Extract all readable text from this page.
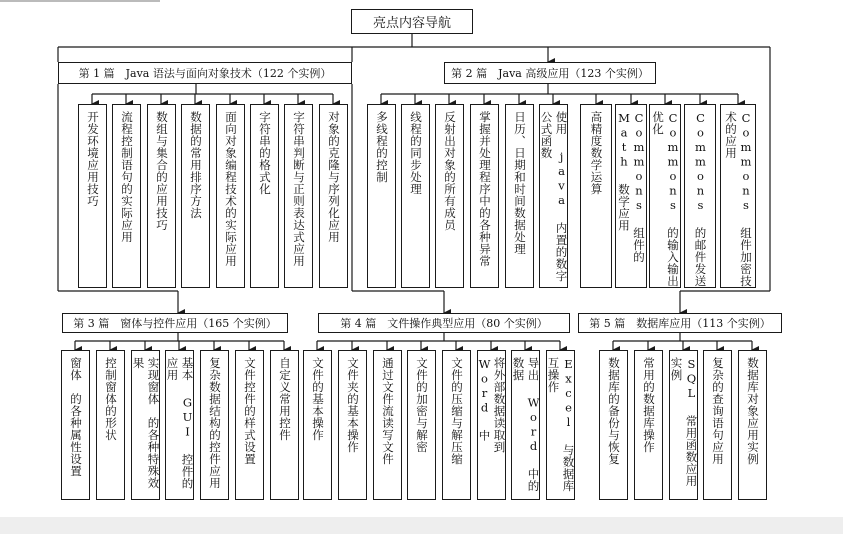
亮点内容导航
第 1 篇　Java 语法与面向对象技术（122 个实例）	第 2 篇　Java 高级应用（123 个实例）
第 3 篇　窗体与控件应用（165 个实例）	第 4 篇　文件操作典型应用（80 个实例）	第 5 篇　数据库应用（113 个实例）
开发环境应用技巧 流程控制语句的实际应用 数组与集合的应用技巧 数据的常用排序方法 面向对象编程技术的实际应用 字符串的格式化 字符串判断与正则表达式应用 对象的克隆与序列化应用	多线程的控制 线程的同步处理 反射出对象的所有成员 掌握并处理程序中的各种异常 日历、日期和时间数据处理	使用 java 内置的数字公式函数	高精度数学运算	Commons 组件的 Math 数学应用	Commons 的输入输出优化	Commons 的邮件发送	Commons 组件加密技术的应用
窗体　的各种属性设置 控制窗体的形状	实现窗体　的各种特殊效果	基本 GUI 控件的应用	复杂数据结构的控件应用 文件控件的样式设置 自定义常用控件 文件的基本操作 文件夹的基本操作 通过文件流读写文件 文件的加密与解密 文件的压缩与解压缩	将外部数据读取到 Word 中	导出 Word 中的数据	Excel 与数据库互操作	数据库的备份与恢复 常用的数据库操作	SQL 常用函数应用实例	复杂的查询语句应用 数据库对象应用实例
